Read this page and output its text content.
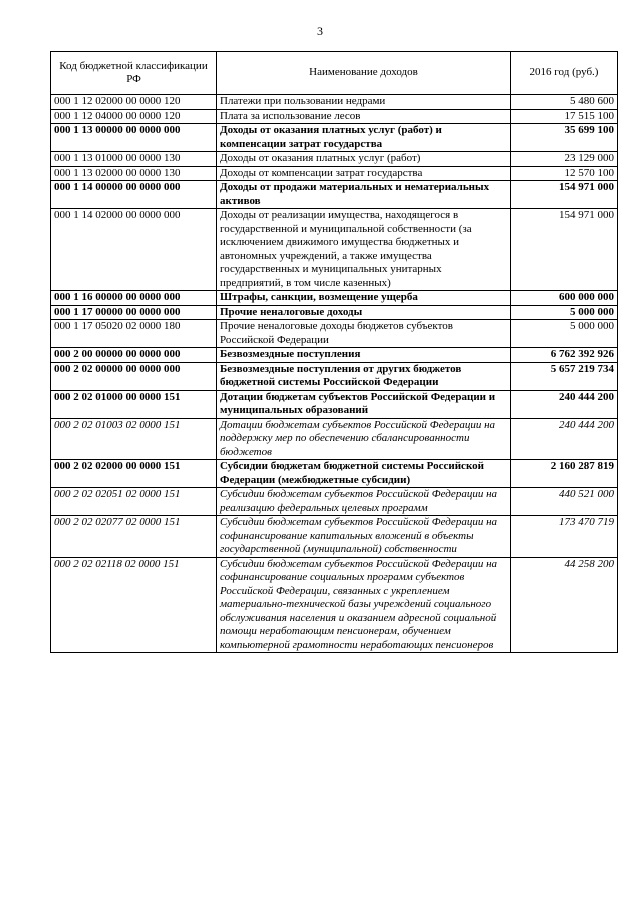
3
Код бюджетной классификации РФ	Наименование доходов	2016 год (руб.)
000 1 12 02000 00 0000 120	Платежи при пользовании недрами	5 480 600
000 1 12 04000 00 0000 120	Плата за использование лесов	17 515 100
000 1 13 00000 00 0000 000	Доходы от оказания платных услуг (работ) и компенсации затрат государства	35 699 100
000 1 13 01000 00 0000 130	Доходы от оказания платных услуг (работ)	23 129 000
000 1 13 02000 00 0000 130	Доходы от компенсации затрат государства	12 570 100
000 1 14 00000 00 0000 000	Доходы от продажи материальных и нематериальных активов	154 971 000
000 1 14 02000 00 0000 000	Доходы от реализации имущества, находящегося в государственной и муниципальной собственности (за исключением движимого имущества бюджетных и автономных учреждений, а также имущества государственных и муниципальных унитарных предприятий, в том числе казенных)	154 971 000
000 1 16 00000 00 0000 000	Штрафы, санкции, возмещение ущерба	600 000 000
000 1 17 00000 00 0000 000	Прочие неналоговые доходы	5 000 000
000 1 17 05020 02 0000 180	Прочие неналоговые доходы бюджетов субъектов Российской Федерации	5 000 000
000 2 00 00000 00 0000 000	Безвозмездные поступления	6 762 392 926
000 2 02 00000 00 0000 000	Безвозмездные поступления от других бюджетов бюджетной системы Российской Федерации	5 657 219 734
000 2 02 01000 00 0000 151	Дотации бюджетам субъектов Российской Федерации и муниципальных образований	240 444 200
000 2 02 01003 02 0000 151	Дотации бюджетам субъектов Российской Федерации на поддержку мер по обеспечению сбалансированности бюджетов	240 444 200
000 2 02 02000 00 0000 151	Субсидии бюджетам бюджетной системы Российской Федерации (межбюджетные субсидии)	2 160 287 819
000 2 02 02051 02 0000 151	Субсидии бюджетам субъектов Российской Федерации на реализацию федеральных целевых программ	440 521 000
000 2 02 02077 02 0000 151	Субсидии бюджетам субъектов Российской Федерации на софинансирование капитальных вложений в объекты государственной (муниципальной) собственности	173 470 719
000 2 02 02118 02 0000 151	Субсидии бюджетам субъектов Российской Федерации на софинансирование социальных программ субъектов Российской Федерации, связанных с укреплением материально-технической базы учреждений социального обслуживания населения и оказанием адресной социальной помощи неработающим пенсионерам, обучением компьютерной грамотности неработающих пенсионеров	44 258 200
